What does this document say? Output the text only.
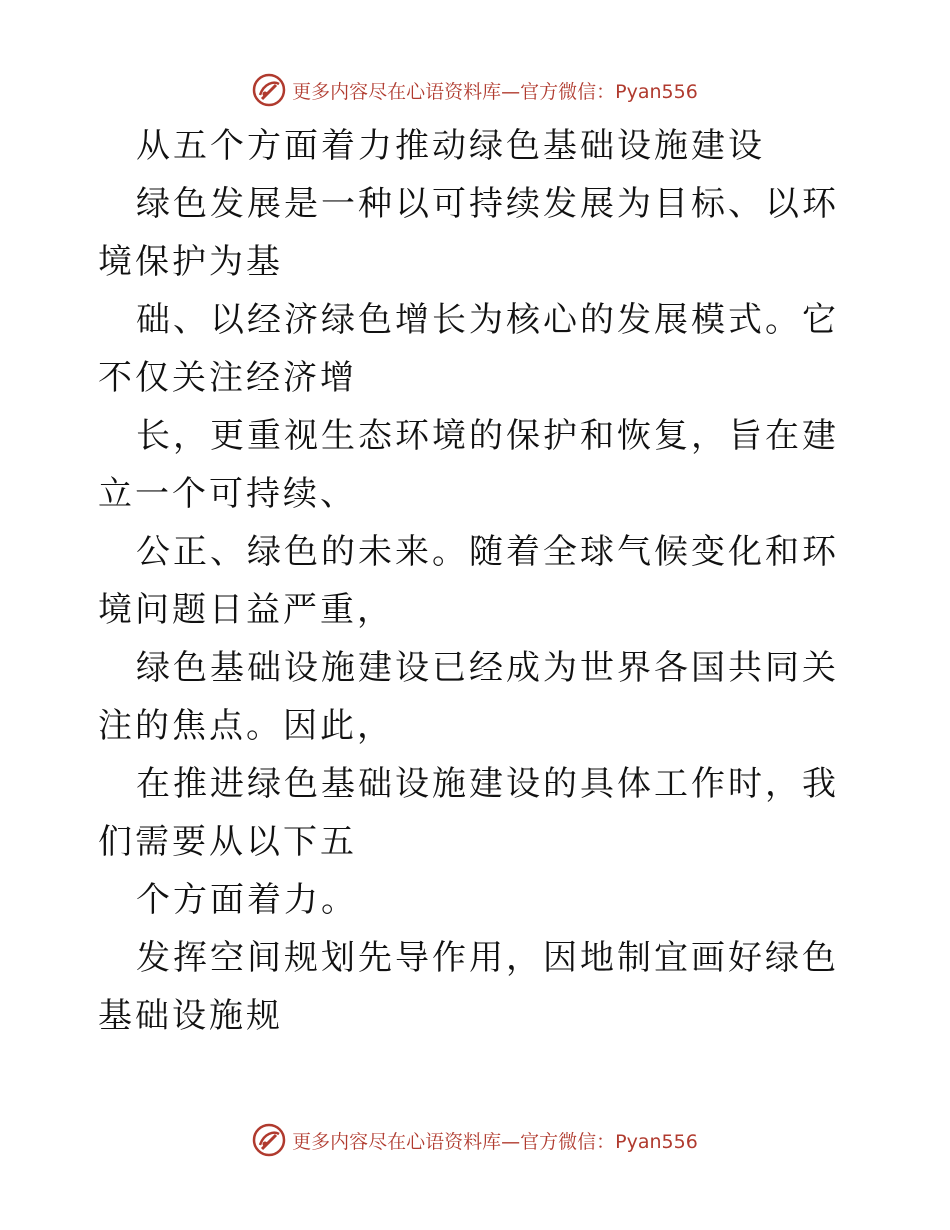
更多内容尽在心语资料库—官方微信：Pyan556

从五个方面着力推动绿色基础设施建设

绿色发展是一种以可持续发展为目标、以环境保护为基

础、以经济绿色增长为核心的发展模式。它不仅关注经济增

长，更重视生态环境的保护和恢复，旨在建立一个可持续、

公正、绿色的未来。随着全球气候变化和环境问题日益严重，

绿色基础设施建设已经成为世界各国共同关注的焦点。因此，

在推进绿色基础设施建设的具体工作时，我们需要从以下五

个方面着力。

发挥空间规划先导作用，因地制宜画好绿色基础设施规

更多内容尽在心语资料库—官方微信：Pyan556
